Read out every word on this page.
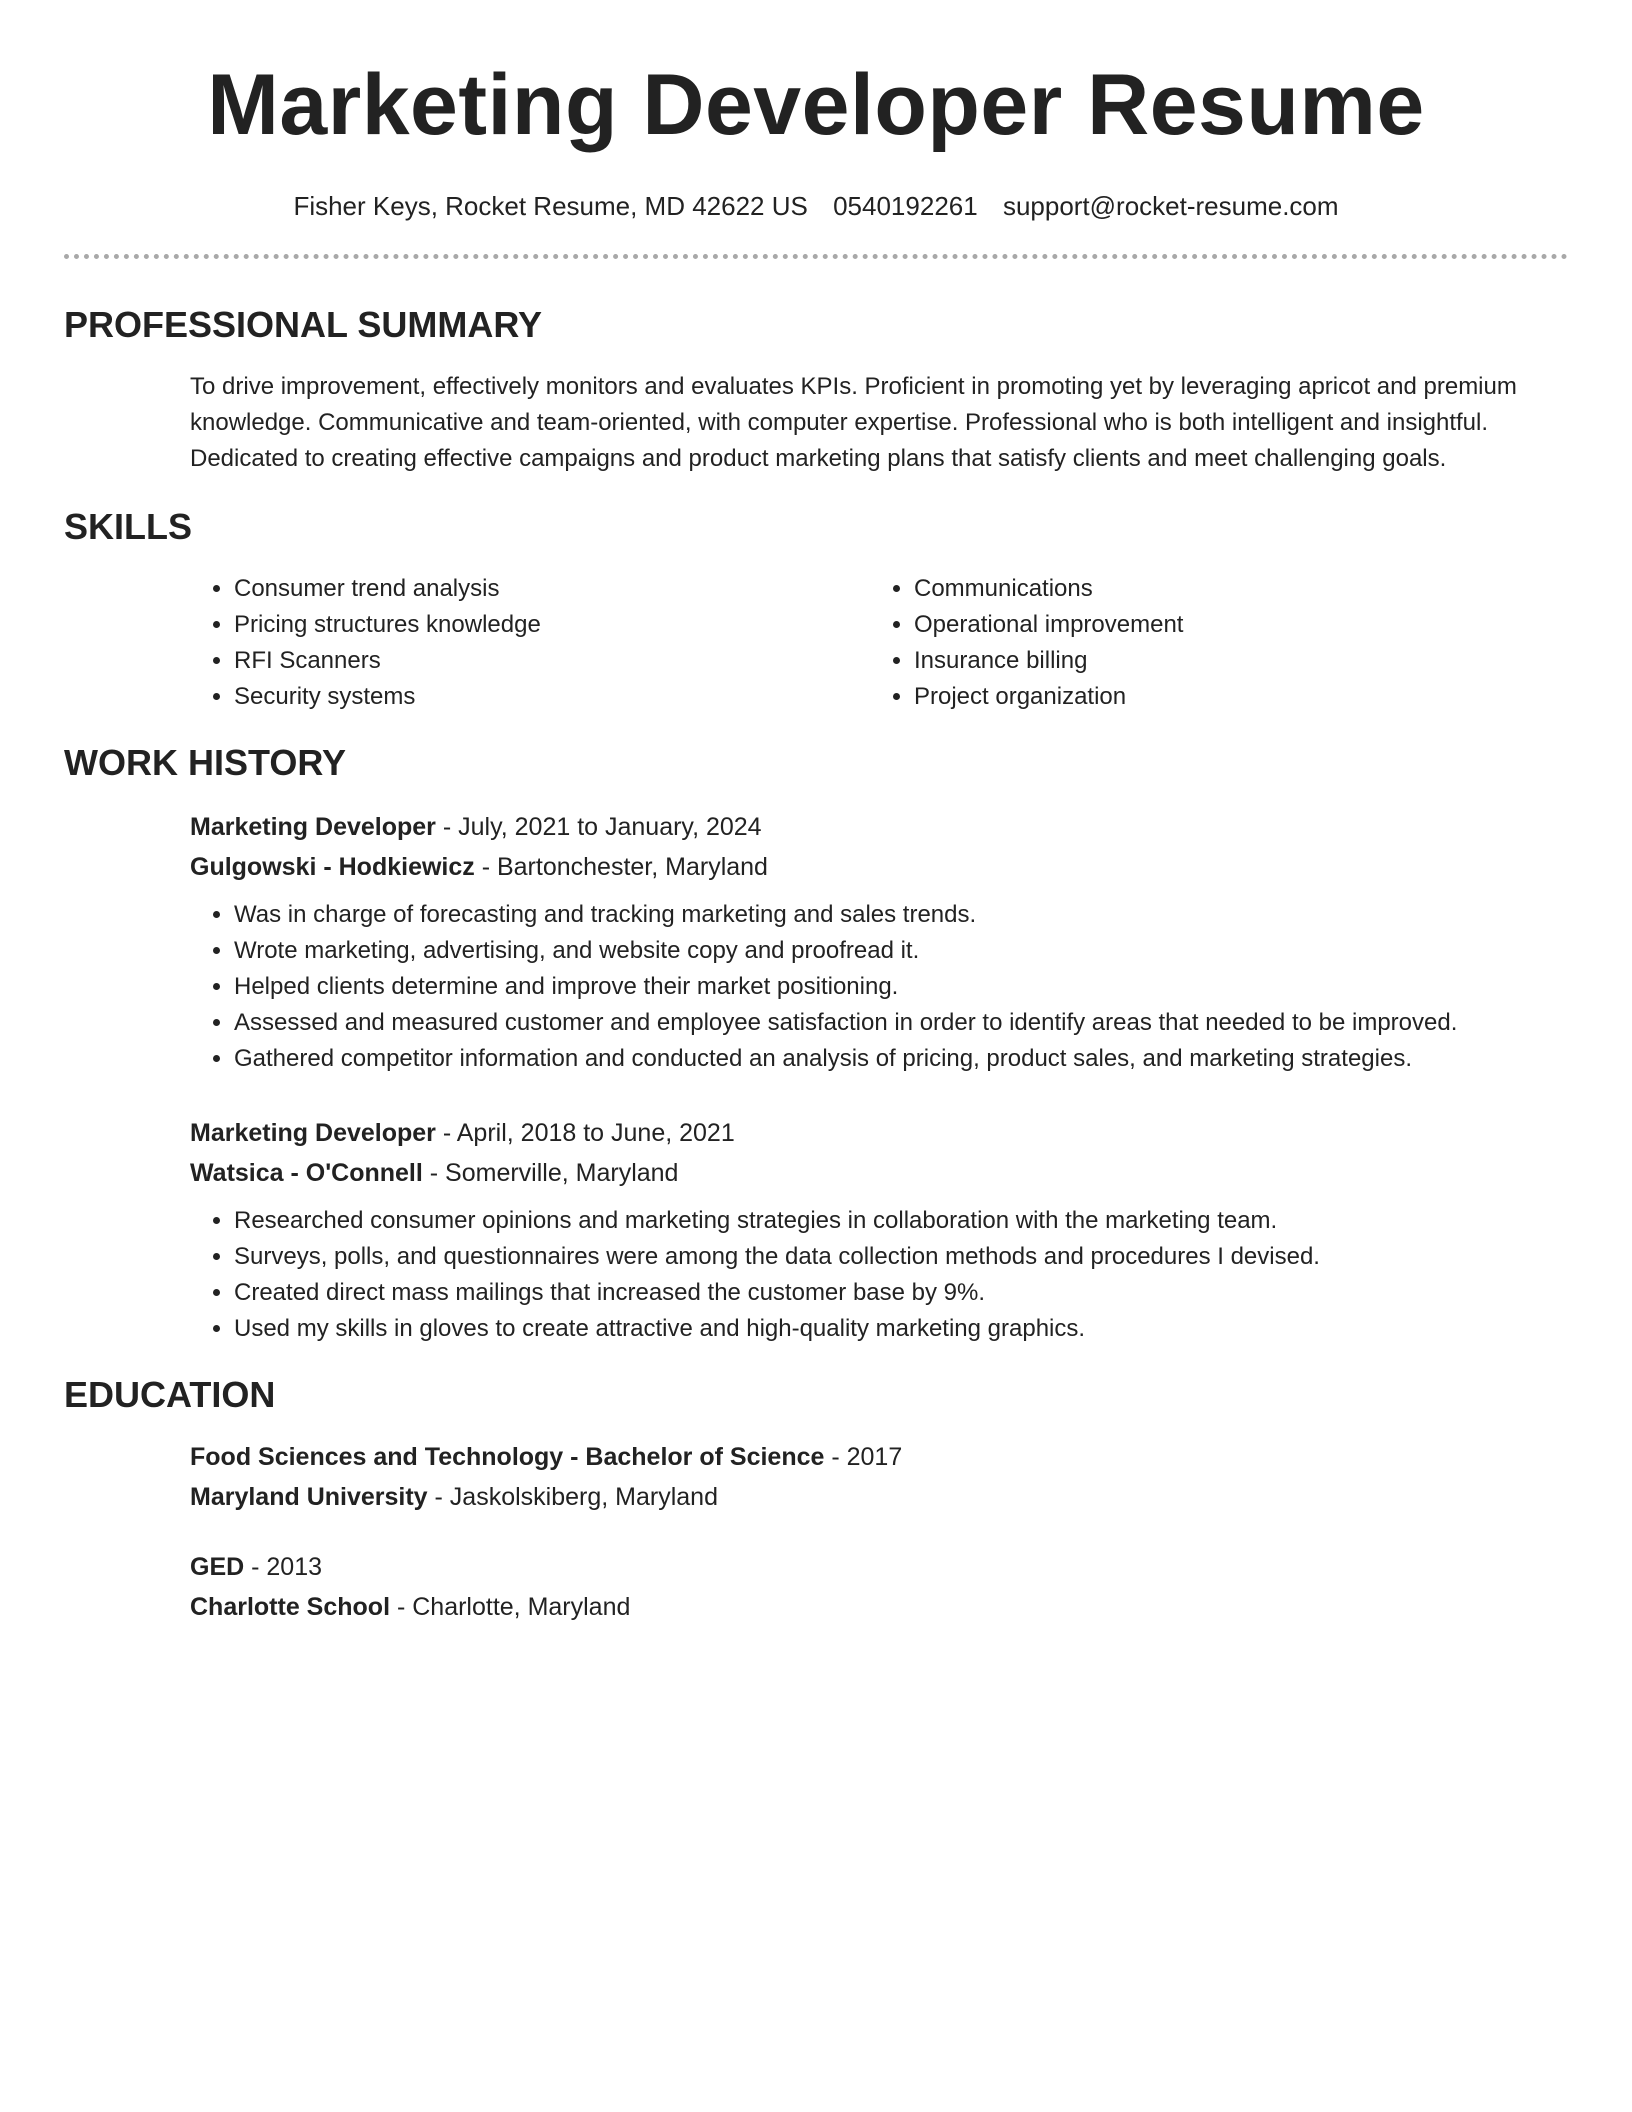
Marketing Developer Resume
Fisher Keys, Rocket Resume, MD 42622 US 0540192261 support@rocket-resume.com
PROFESSIONAL SUMMARY
To drive improvement, effectively monitors and evaluates KPIs. Proficient in promoting yet by leveraging apricot and premium knowledge. Communicative and team-oriented, with computer expertise. Professional who is both intelligent and insightful. Dedicated to creating effective campaigns and product marketing plans that satisfy clients and meet challenging goals.
SKILLS
• Consumer trend analysis
• Pricing structures knowledge
• RFI Scanners
• Security systems
• Communications
• Operational improvement
• Insurance billing
• Project organization
WORK HISTORY
Marketing Developer - July, 2021 to January, 2024
Gulgowski - Hodkiewicz - Bartonchester, Maryland
• Was in charge of forecasting and tracking marketing and sales trends.
• Wrote marketing, advertising, and website copy and proofread it.
• Helped clients determine and improve their market positioning.
• Assessed and measured customer and employee satisfaction in order to identify areas that needed to be improved.
• Gathered competitor information and conducted an analysis of pricing, product sales, and marketing strategies.
Marketing Developer - April, 2018 to June, 2021
Watsica - O'Connell - Somerville, Maryland
• Researched consumer opinions and marketing strategies in collaboration with the marketing team.
• Surveys, polls, and questionnaires were among the data collection methods and procedures I devised.
• Created direct mass mailings that increased the customer base by 9%.
• Used my skills in gloves to create attractive and high-quality marketing graphics.
EDUCATION
Food Sciences and Technology - Bachelor of Science - 2017
Maryland University - Jaskolskiberg, Maryland
GED - 2013
Charlotte School - Charlotte, Maryland
